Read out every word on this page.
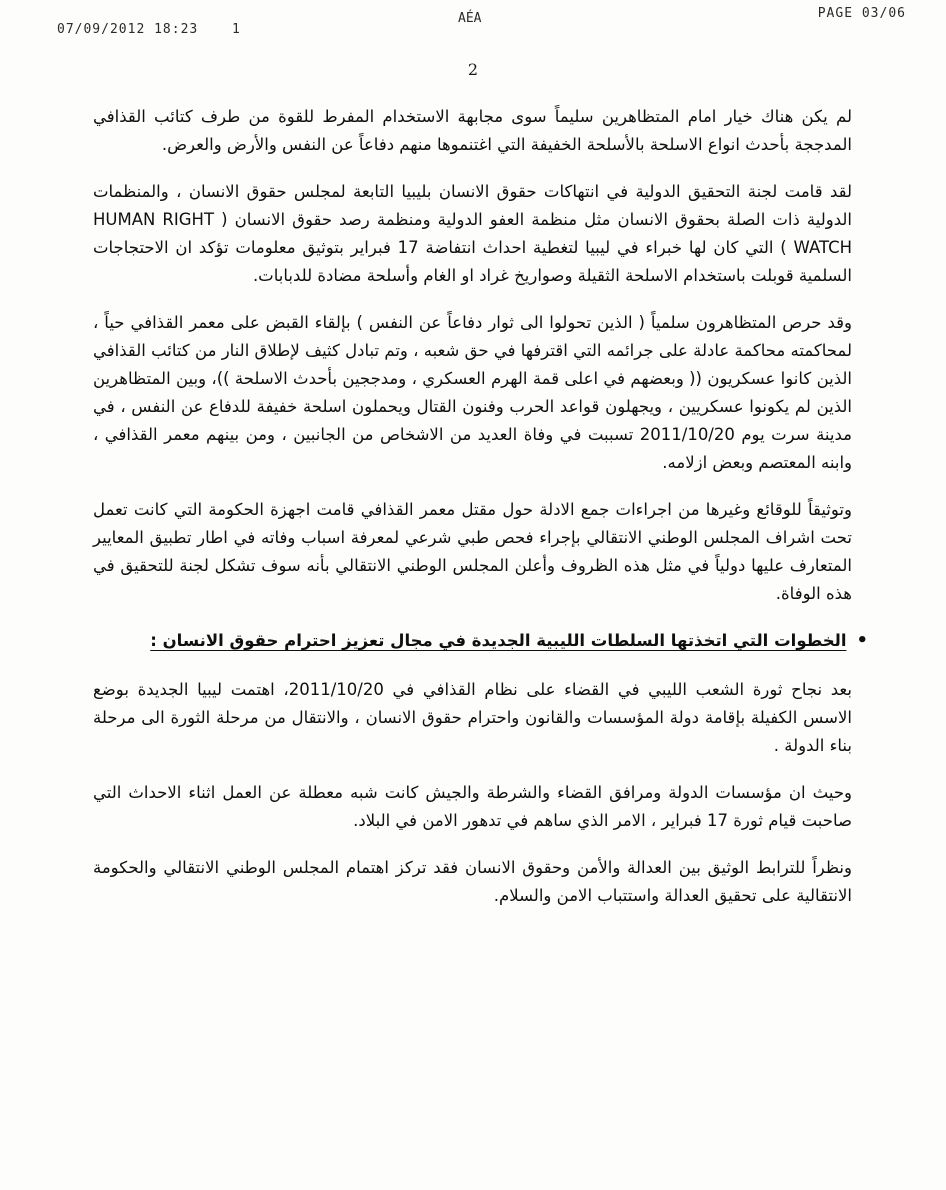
07/09/2012 18:23	1
AÉA	PAGE 03/06
2

لم يكن هناك خيار امام المتظاهرين سليماً سوى مجابهة الاستخدام المفرط للقوة من طرف كتائب القذافي المدججة بأحدث انواع الاسلحة بالأسلحة الخفيفة التي اغتنموها منهم دفاعاً عن النفس والأرض والعرض.

لقد قامت لجنة التحقيق الدولية في انتهاكات حقوق الانسان بليبيا التابعة لمجلس حقوق الانسان ، والمنظمات الدولية ذات الصلة بحقوق الانسان مثل منظمة العفو الدولية ومنظمة رصد حقوق الانسان ( HUMAN RIGHT WATCH ) التي كان لها خبراء في ليبيا لتغطية احداث انتفاضة 17 فبراير بتوثيق معلومات تؤكد ان الاحتجاجات السلمية قوبلت باستخدام الاسلحة الثقيلة وصواريخ غراد او الغام وأسلحة مضادة للدبابات.

وقد حرص المتظاهرون سلمياً ( الذين تحولوا الى ثوار دفاعاً عن النفس ) بإلقاء القبض على معمر القذافي حياً ، لمحاكمته محاكمة عادلة على جرائمه التي اقترفها في حق شعبه ، وتم تبادل كثيف لإطلاق النار من كتائب القذافي الذين كانوا عسكريون (( وبعضهم في اعلى قمة الهرم العسكري ، ومدججين بأحدث الاسلحة ))، وبين المتظاهرين الذين لم يكونوا عسكريين ، ويجهلون قواعد الحرب وفنون القتال ويحملون اسلحة خفيفة للدفاع عن النفس ، في مدينة سرت يوم 2011/10/20 تسببت في وفاة العديد من الاشخاص من الجانبين ، ومن بينهم معمر القذافي ، وابنه المعتصم وبعض ازلامه.

وتوثيقاً للوقائع وغيرها من اجراءات جمع الادلة حول مقتل معمر القذافي قامت اجهزة الحكومة التي كانت تعمل تحت اشراف المجلس الوطني الانتقالي بإجراء فحص طبي شرعي لمعرفة اسباب وفاته في اطار تطبيق المعايير المتعارف عليها دولياً في مثل هذه الظروف وأعلن المجلس الوطني الانتقالي بأنه سوف تشكل لجنة للتحقيق في هذه الوفاة.

•
الخطوات التي اتخذتها السلطات الليبية الجديدة في مجال تعزيز احترام حقوق الانسان :

بعد نجاح ثورة الشعب الليبي في القضاء على نظام القذافي في 2011/10/20، اهتمت ليبيا الجديدة بوضع الاسس الكفيلة بإقامة دولة المؤسسات والقانون واحترام حقوق الانسان ، والانتقال من مرحلة الثورة الى مرحلة بناء الدولة .

وحيث ان مؤسسات الدولة ومرافق القضاء والشرطة والجيش كانت شبه معطلة عن العمل اثناء الاحداث التي صاحبت قيام ثورة 17 فبراير ، الامر الذي ساهم في تدهور الامن في البلاد.

ونظراً للترابط الوثيق بين العدالة والأمن وحقوق الانسان فقد تركز اهتمام المجلس الوطني الانتقالي والحكومة الانتقالية على تحقيق العدالة واستتباب الامن والسلام.
